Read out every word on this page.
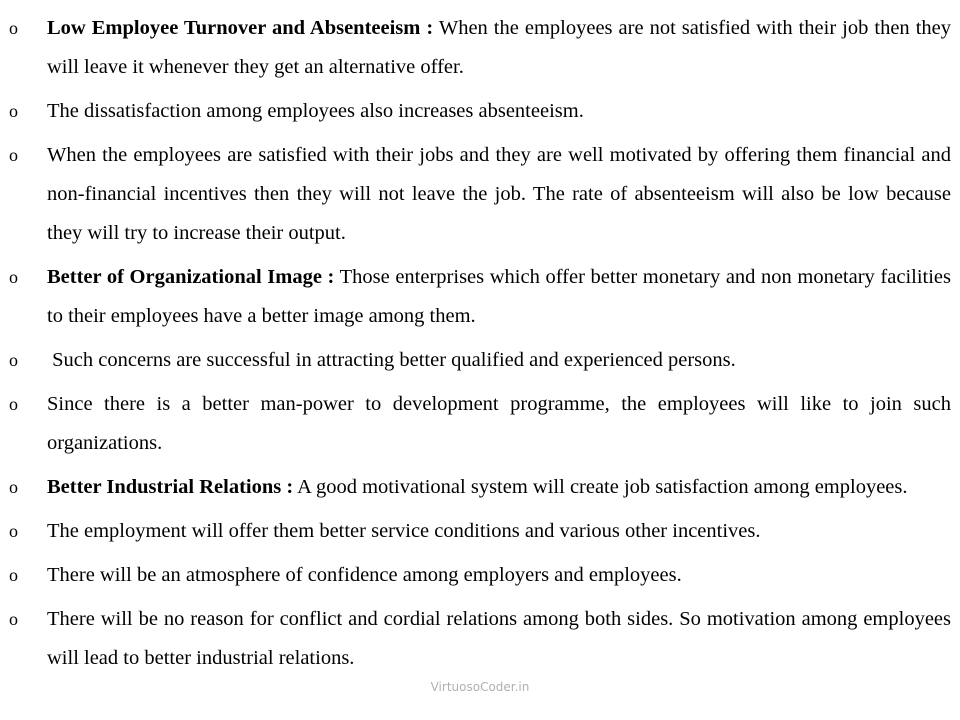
o Low Employee Turnover and Absenteeism : When the employees are not satisfied with their job then they will leave it whenever they get an alternative offer.
o The dissatisfaction among employees also increases absenteeism.
o When the employees are satisfied with their jobs and they are well motivated by offering them financial and non-financial incentives then they will not leave the job. The rate of absenteeism will also be low because they will try to increase their output.
o Better of Organizational Image : Those enterprises which offer better monetary and non monetary facilities to their employees have a better image among them.
o Such concerns are successful in attracting better qualified and experienced persons.
o Since there is a better man-power to development programme, the employees will like to join such organizations.
o Better Industrial Relations : A good motivational system will create job satisfaction among employees.
o The employment will offer them better service conditions and various other incentives.
o There will be an atmosphere of confidence among employers and employees.
o There will be no reason for conflict and cordial relations among both sides. So motivation among employees will lead to better industrial relations.
VirtuosoCoder.in
